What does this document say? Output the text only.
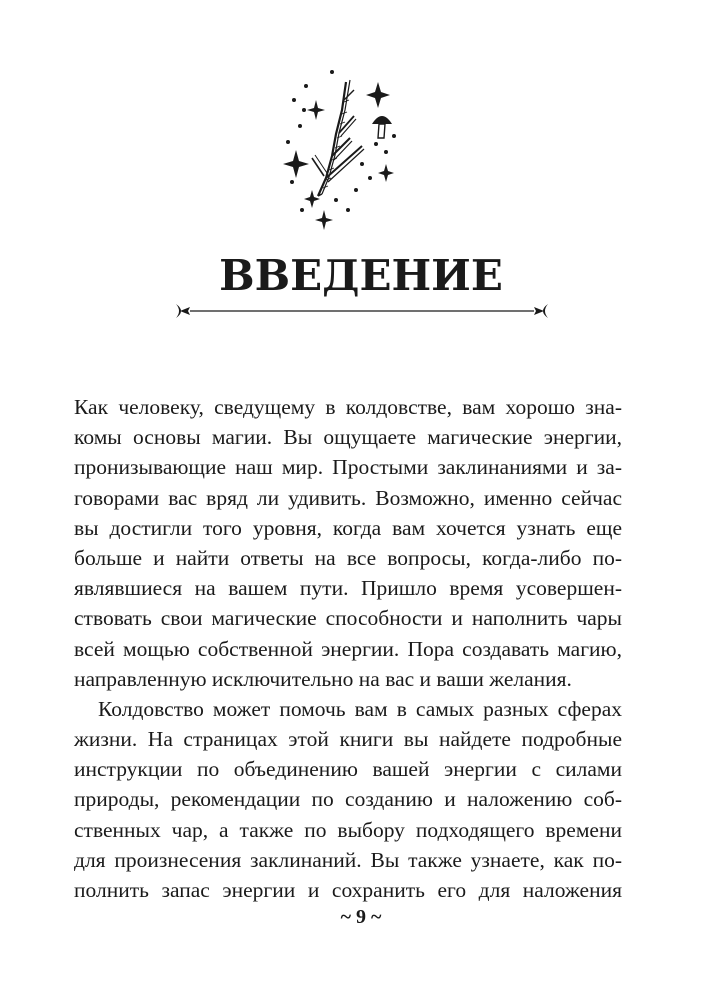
ВВЕДЕНИЕ
Как человеку, сведущему в колдовстве, вам хорошо зна-
комы основы магии. Вы ощущаете магические энергии,
пронизывающие наш мир. Простыми заклинаниями и за-
говорами вас вряд ли удивить. Возможно, именно сейчас
вы достигли того уровня, когда вам хочется узнать еще
больше и найти ответы на все вопросы, когда-либо по-
являвшиеся на вашем пути. Пришло время усовершен-
ствовать свои магические способности и наполнить чары
всей мощью собственной энергии. Пора создавать магию,
направленную исключительно на вас и ваши желания.
Колдовство может помочь вам в самых разных сферах
жизни. На страницах этой книги вы найдете подробные
инструкции по объединению вашей энергии с силами
природы, рекомендации по созданию и наложению соб-
ственных чар, а также по выбору подходящего времени
для произнесения заклинаний. Вы также узнаете, как по-
полнить запас энергии и сохранить его для наложения
~ 9 ~
